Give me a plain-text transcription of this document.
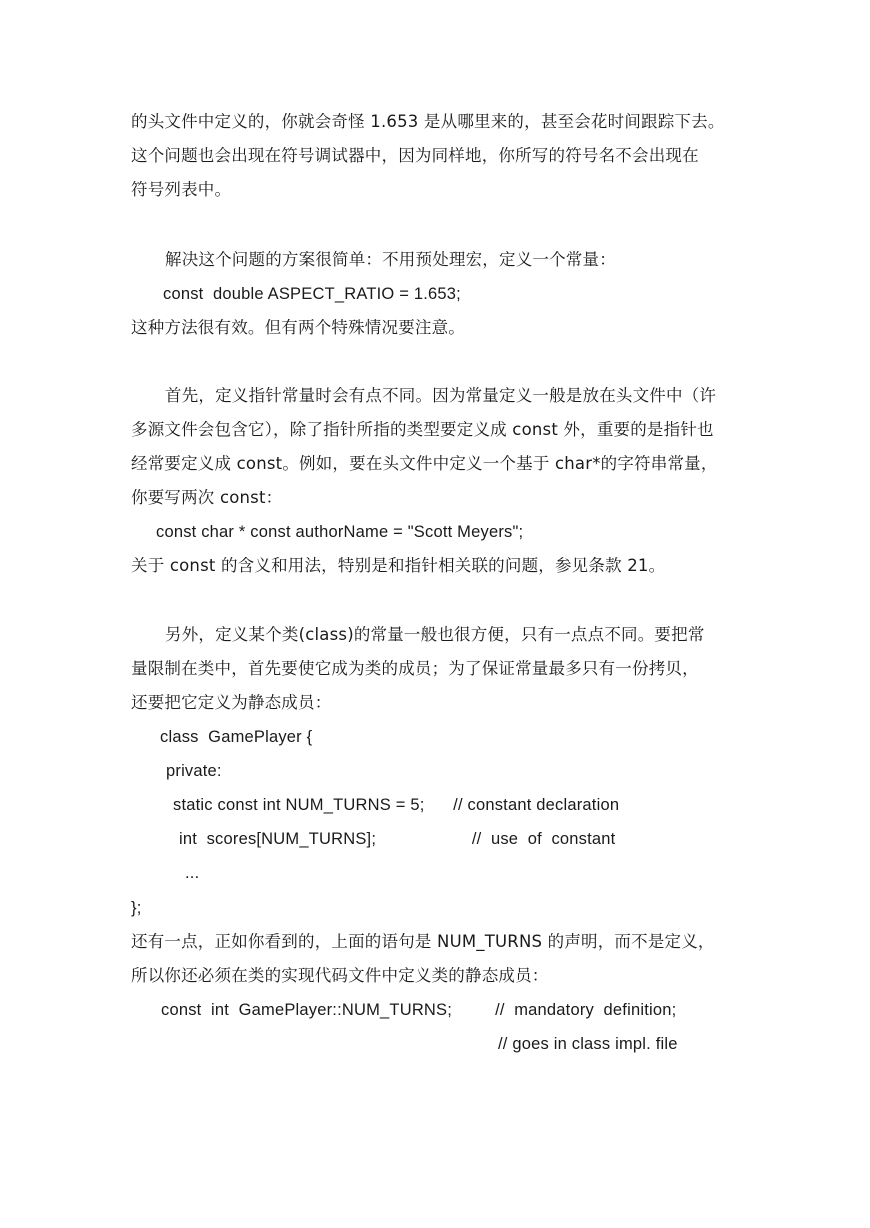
的头文件中定义的，你就会奇怪 1.653 是从哪里来的，甚至会花时间跟踪下去。
这个问题也会出现在符号调试器中，因为同样地，你所写的符号名不会出现在
符号列表中。
解决这个问题的方案很简单：不用预处理宏，定义一个常量：
const  double ASPECT_RATIO = 1.653;
这种方法很有效。但有两个特殊情况要注意。
首先，定义指针常量时会有点不同。因为常量定义一般是放在头文件中（许
多源文件会包含它），除了指针所指的类型要定义成 const 外，重要的是指针也
经常要定义成 const。例如，要在头文件中定义一个基于 char*的字符串常量，
你要写两次 const：
const char * const authorName = "Scott Meyers";
关于 const 的含义和用法，特别是和指针相关联的问题，参见条款 21。
另外，定义某个类(class)的常量一般也很方便，只有一点点不同。要把常
量限制在类中，首先要使它成为类的成员；为了保证常量最多只有一份拷贝，
还要把它定义为静态成员：
class  GamePlayer {
private:
static const int NUM_TURNS = 5;      // constant declaration
int  scores[NUM_TURNS];                    //  use  of  constant
...
};
还有一点，正如你看到的，上面的语句是 NUM_TURNS 的声明，而不是定义，
所以你还必须在类的实现代码文件中定义类的静态成员：
const  int  GamePlayer::NUM_TURNS;         //  mandatory  definition;
// goes in class impl. file
